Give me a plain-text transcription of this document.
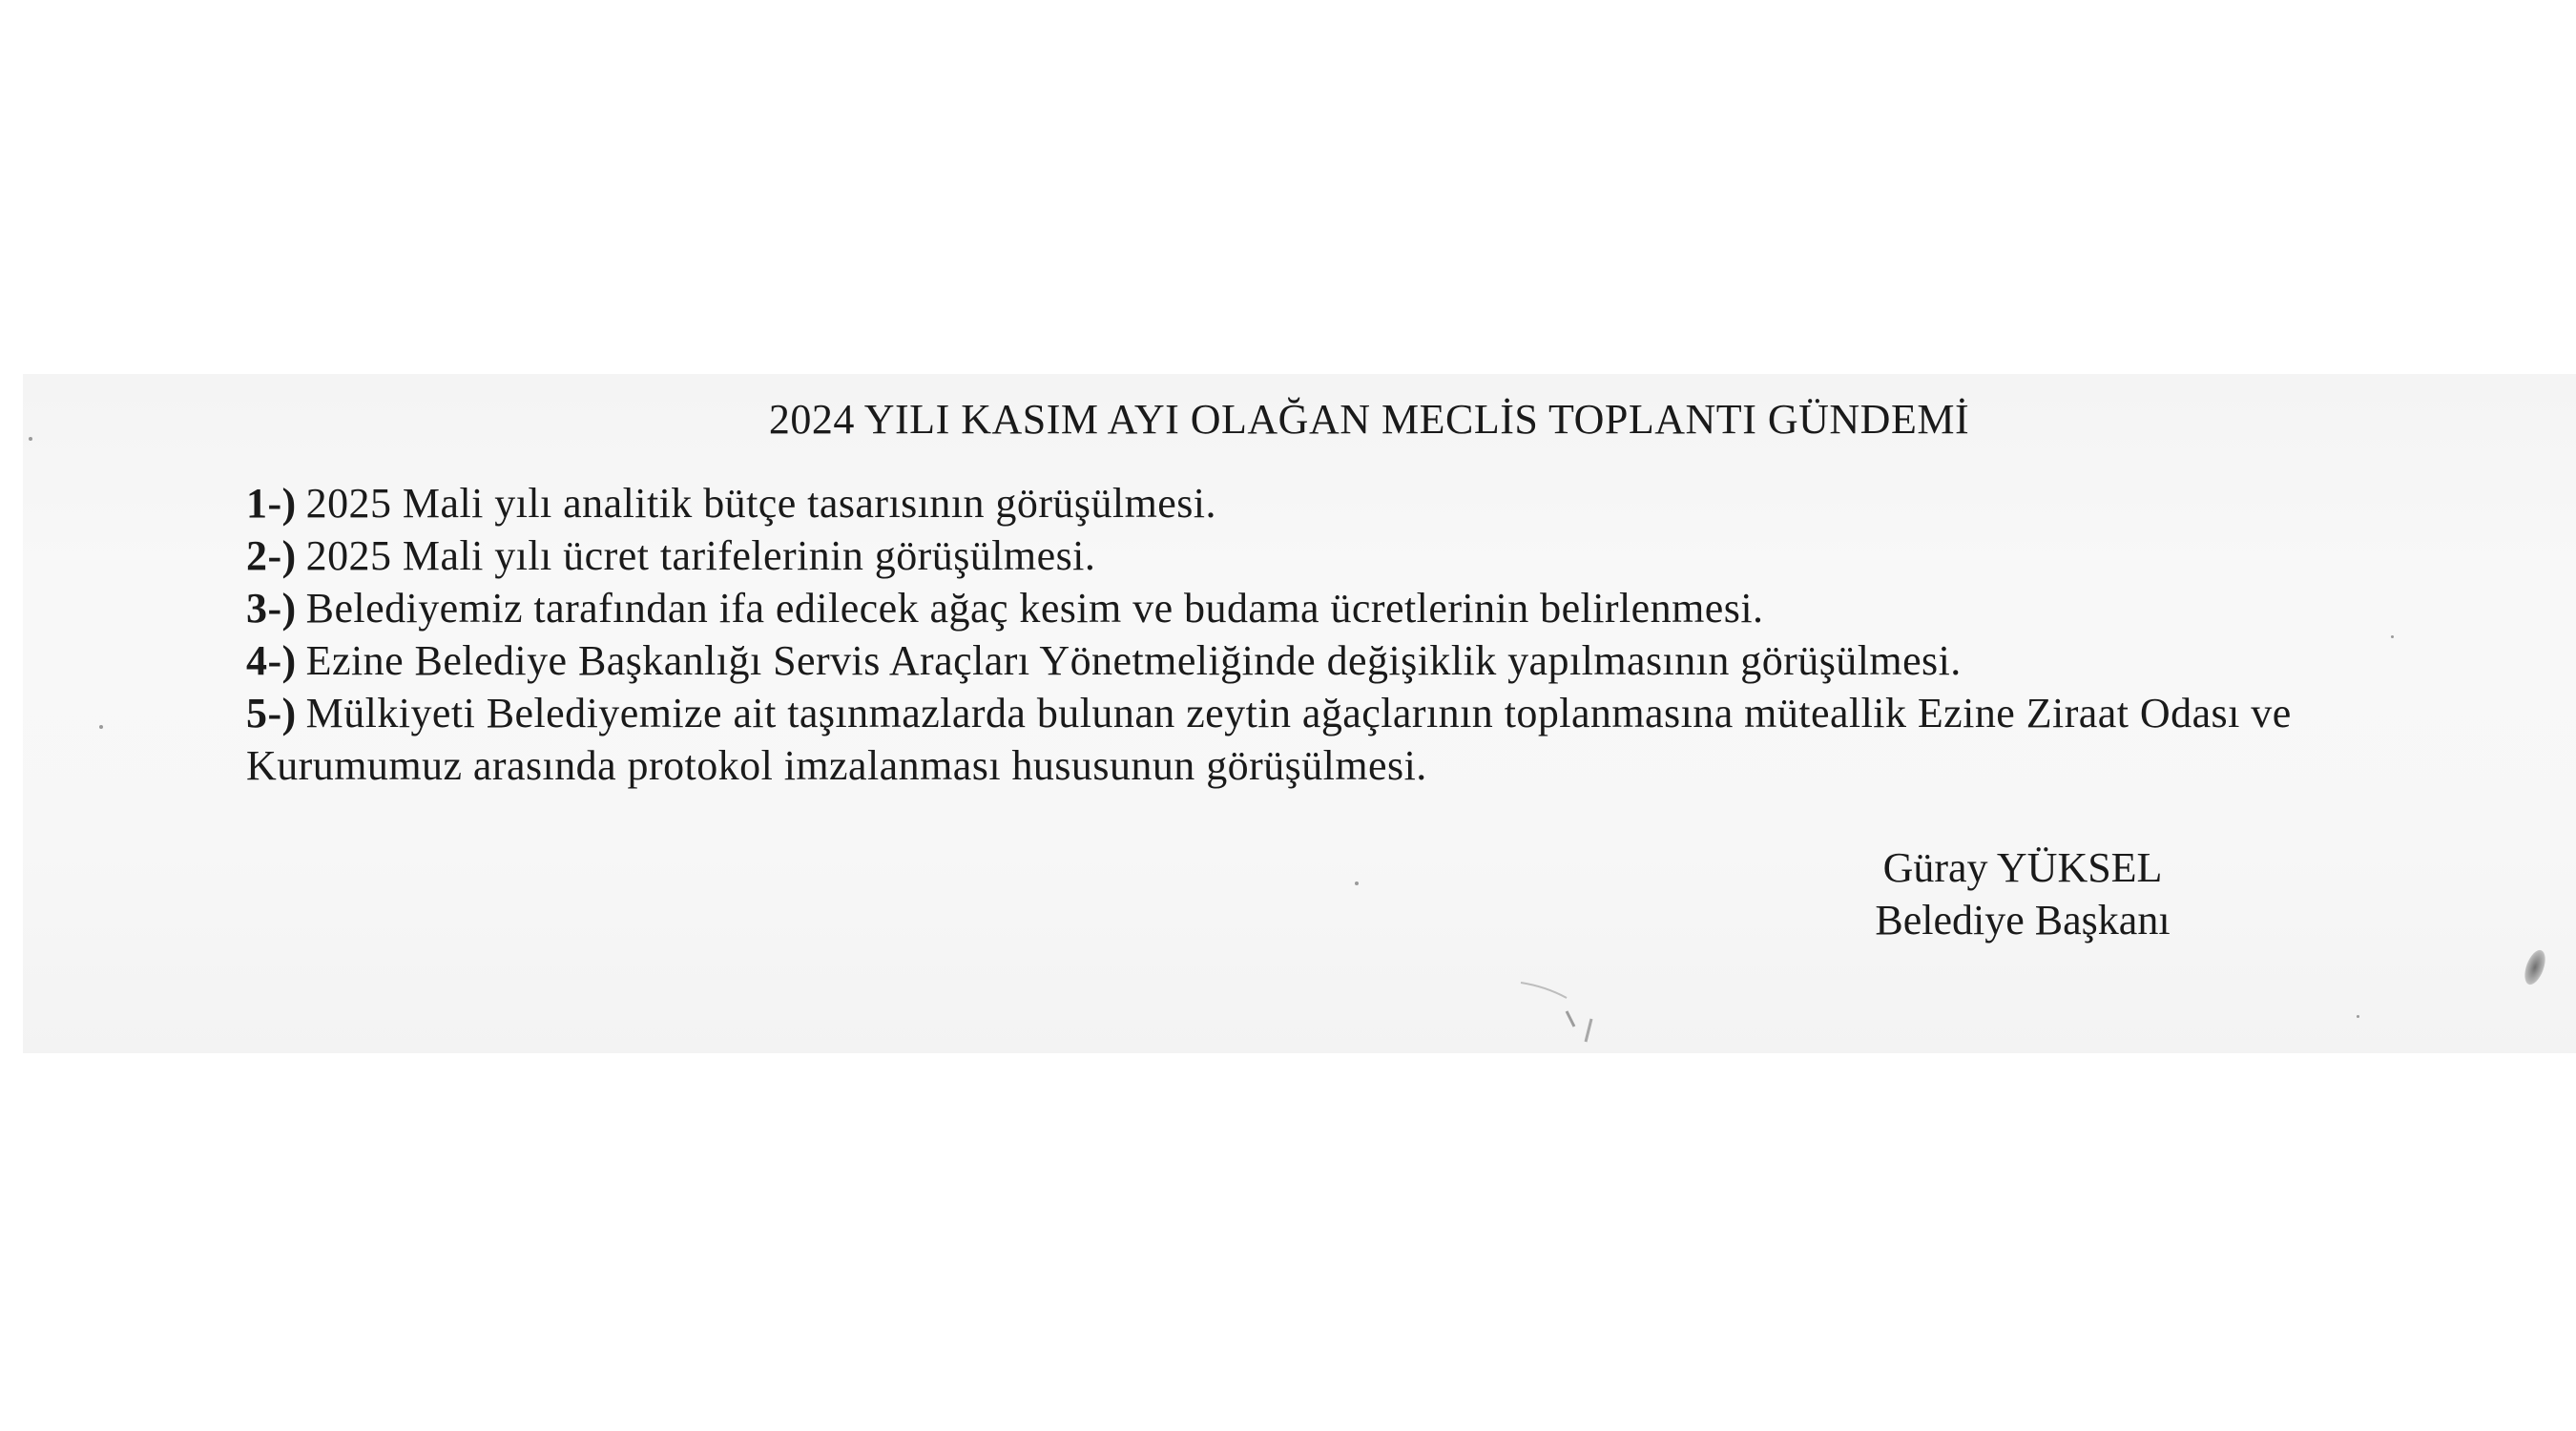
2024 YILI KASIM AYI OLAĞAN MECLİS TOPLANTI GÜNDEMİ
1-) 2025 Mali yılı analitik bütçe tasarısının görüşülmesi.
2-) 2025 Mali yılı ücret tarifelerinin görüşülmesi.
3-) Belediyemiz tarafından ifa edilecek ağaç kesim ve budama ücretlerinin belirlenmesi.
4-) Ezine Belediye Başkanlığı Servis Araçları Yönetmeliğinde değişiklik yapılmasının görüşülmesi.
5-) Mülkiyeti Belediyemize ait taşınmazlarda bulunan zeytin ağaçlarının toplanmasına müteallik Ezine Ziraat Odası ve Kurumumuz arasında protokol imzalanması hususunun görüşülmesi.
Güray YÜKSEL
Belediye Başkanı
